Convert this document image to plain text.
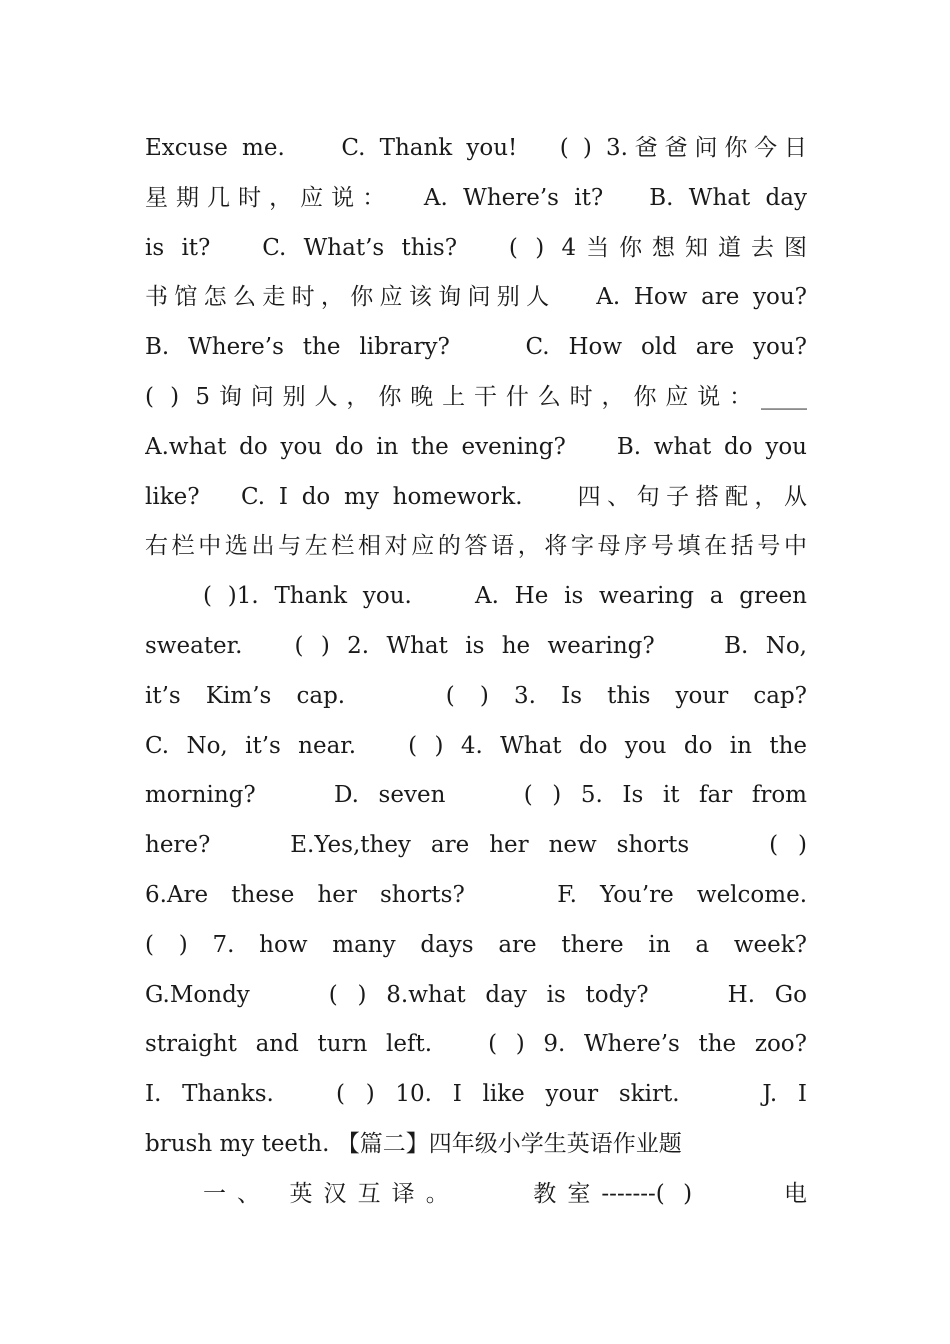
Excuse me.    C. Thank you!   ( ) 3.爸爸问你今日
星期几时，应说：  A. Where’s it?   B. What day
is it?   C. What’s this?   ( ) 4当你想知道去图
书馆怎么走时，你应该询问别人   A. How are you?
B. Where’s the library?    C. How old are you?
( ) 5询问别人，你晚上干什么时，你应说：____
A.what do you do in the evening?    B. what do you
like?   C. I do my homework.    四、句子搭配，从
右栏中选出与左栏相对应的答语，将字母序号填在括号中
( )1. Thank you.    A. He is wearing a green
sweater.   ( ) 2. What is he wearing?    B. No,
it’s Kim’s cap.    ( ) 3. Is this your cap?
C. No, it’s near.   ( ) 4. What do you do in the
morning?    D. seven    ( ) 5. Is it far from
here?    E.Yes,they are her new shorts    ( )
6.Are these her shorts?    F. You’re welcome.
( ) 7. how many days are there in a week?
G.Mondy    ( ) 8.what day is tody?    H. Go
straight and turn left.   ( ) 9. Where’s the zoo?
I. Thanks.   ( ) 10. I like your skirt.    J. I
brush my teeth. 【篇二】四年级小学生英语作业题
一、 英汉互译。    教室-------( )     电
